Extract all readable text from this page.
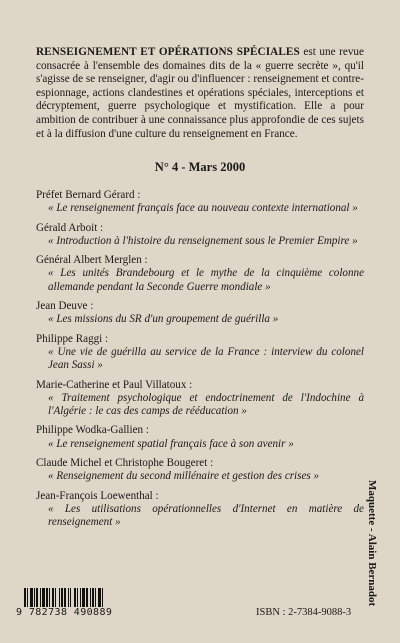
RENSEIGNEMENT ET OPÉRATIONS SPÉCIALES est une revue consacrée à l'ensemble des domaines dits de la « guerre secrète », qu'il s'agisse de se renseigner, d'agir ou d'influencer : renseignement et contre-espionnage, actions clandestines et opérations spéciales, interceptions et décryptement, guerre psychologique et mystification. Elle a pour ambition de contribuer à une connaissance plus approfondie de ces sujets et à la diffusion d'une culture du renseignement en France.
N° 4 - Mars 2000
Préfet Bernard Gérard :
« Le renseignement français face au nouveau contexte international »
Gérald Arboit :
« Introduction à l'histoire du renseignement sous le Premier Empire »
Général Albert Merglen :
« Les unités Brandebourg et le mythe de la cinquième colonne allemande pendant la Seconde Guerre mondiale »
Jean Deuve :
« Les missions du SR d'un groupement de guérilla »
Philippe Raggi :
« Une vie de guérilla au service de la France : interview du colonel Jean Sassi »
Marie-Catherine et Paul Villatoux :
« Traitement psychologique et endoctrinement de l'Indochine à l'Algérie : le cas des camps de rééducation »
Philippe Wodka-Gallien :
« Le renseignement spatial français face à son avenir »
Claude Michel et Christophe Bougeret :
« Renseignement du second millénaire et gestion des crises »
Jean-François Loewenthal :
« Les utilisations opérationnelles d'Internet en matière de renseignement »	Maquette - Alain Bernadot
9 782738 490889	ISBN : 2-7384-9088-3
